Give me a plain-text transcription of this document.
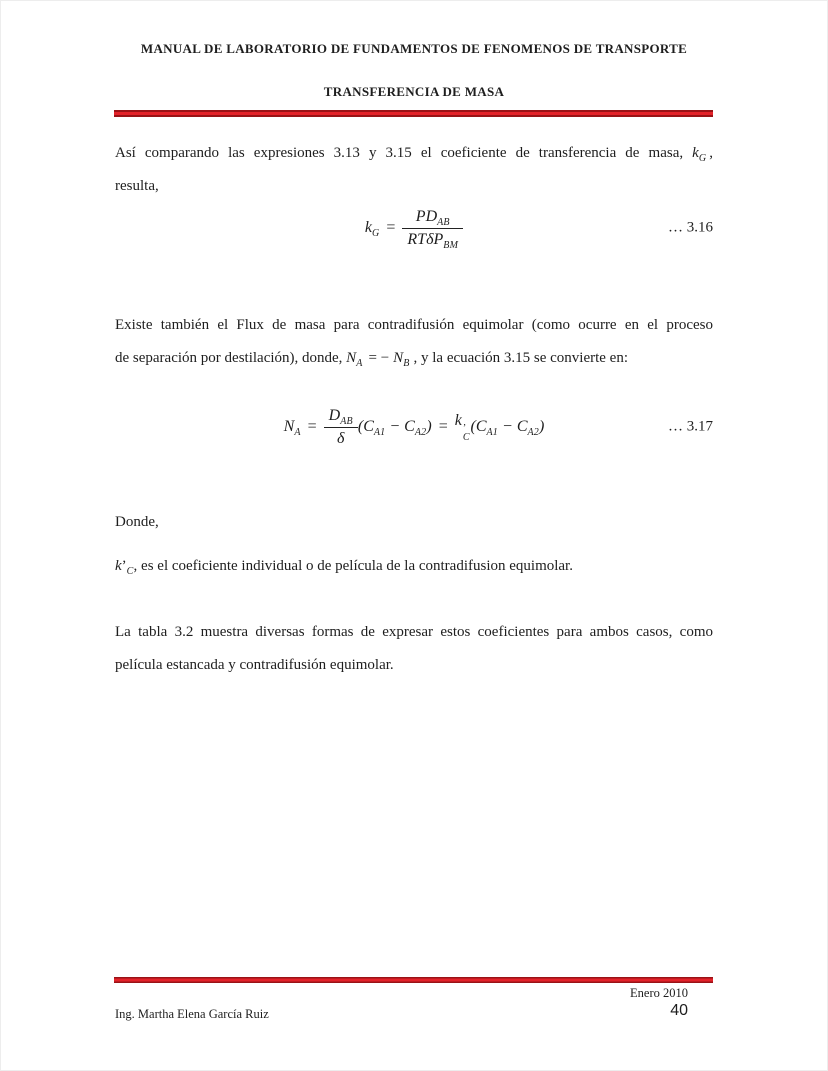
MANUAL DE LABORATORIO DE FUNDAMENTOS DE FENOMENOS DE TRANSPORTE
TRANSFERENCIA DE MASA
Así comparando las expresiones 3.13 y 3.15 el coeficiente de transferencia de masa, $k_G$ ,
resulta,
$k_G = \frac{PD_{AB}}{RT\delta P_{BM}}$	… 3.16
Existe también el Flux de masa para contradifusión equimolar (como ocurre en el proceso
de separación por destilación), donde, $N_A$ = − $N_B$ , y la ecuación 3.15 se convierte en:
$N_A = \frac{D_{AB}}{\delta} (C_{A1} - C_{A2}) = k$ ’
C
$(C_{A1} - C_{A2})$	… 3.17
Donde,
$k’_C$, es el coeficiente individual o de película de la contradifusion equimolar.
La tabla 3.2 muestra diversas formas de expresar estos coeficientes para ambos casos, como
película estancada y contradifusión equimolar.
Enero 2010
40
Ing. Martha Elena García Ruiz
